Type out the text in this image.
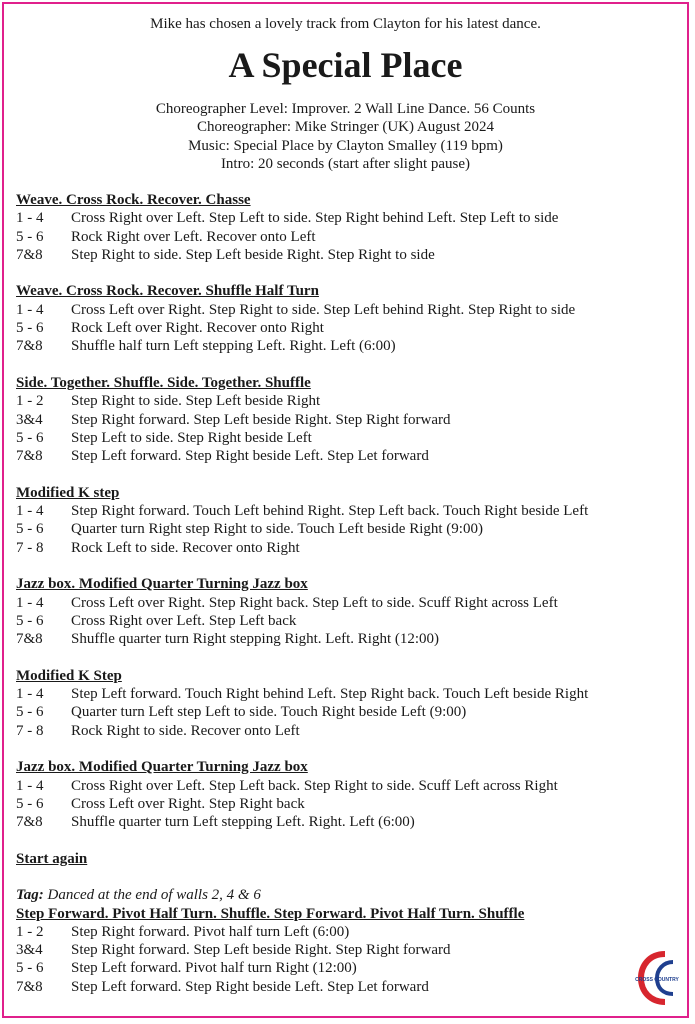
Mike has chosen a lovely track from Clayton for his latest dance.
A Special Place
Choreographer Level: Improver. 2 Wall Line Dance. 56 Counts
Choreographer: Mike Stringer (UK) August 2024
Music: Special Place by Clayton Smalley (119 bpm)
Intro: 20 seconds (start after slight pause)
Weave. Cross Rock. Recover. Chasse
1 - 4 Cross Right over Left. Step Left to side. Step Right behind Left. Step Left to side
5 - 6 Rock Right over Left. Recover onto Left
7&8 Step Right to side. Step Left beside Right. Step Right to side
Weave. Cross Rock. Recover. Shuffle Half Turn
1 - 4 Cross Left over Right. Step Right to side. Step Left behind Right. Step Right to side
5 - 6 Rock Left over Right. Recover onto Right
7&8 Shuffle half turn Left stepping Left. Right. Left (6:00)
Side. Together. Shuffle. Side. Together. Shuffle
1 - 2 Step Right to side. Step Left beside Right
3&4 Step Right forward. Step Left beside Right. Step Right forward
5 - 6 Step Left to side. Step Right beside Left
7&8 Step Left forward. Step Right beside Left. Step Let forward
Modified K step
1 - 4 Step Right forward. Touch Left behind Right. Step Left back. Touch Right beside Left
5 - 6 Quarter turn Right step Right to side. Touch Left beside Right (9:00)
7 - 8 Rock Left to side. Recover onto Right
Jazz box. Modified Quarter Turning Jazz box
1 - 4 Cross Left over Right. Step Right back. Step Left to side. Scuff Right across Left
5 - 6 Cross Right over Left. Step Left back
7&8 Shuffle quarter turn Right stepping Right. Left. Right (12:00)
Modified K Step
1 - 4 Step Left forward. Touch Right behind Left. Step Right back. Touch Left beside Right
5 - 6 Quarter turn Left step Left to side. Touch Right beside Left (9:00)
7 - 8 Rock Right to side. Recover onto Left
Jazz box. Modified Quarter Turning Jazz box
1 - 4 Cross Right over Left. Step Left back. Step Right to side. Scuff Left across Right
5 - 6 Cross Left over Right. Step Right back
7&8 Shuffle quarter turn Left stepping Left. Right. Left (6:00)
Start again
Tag: Danced at the end of walls 2, 4 & 6
Step Forward. Pivot Half Turn. Shuffle. Step Forward. Pivot Half Turn. Shuffle
1 - 2 Step Right forward. Pivot half turn Left (6:00)
3&4 Step Right forward. Step Left beside Right. Step Right forward
5 - 6 Step Left forward. Pivot half turn Right (12:00)
7&8 Step Left forward. Step Right beside Left. Step Let forward	CROSS COUNTRY
